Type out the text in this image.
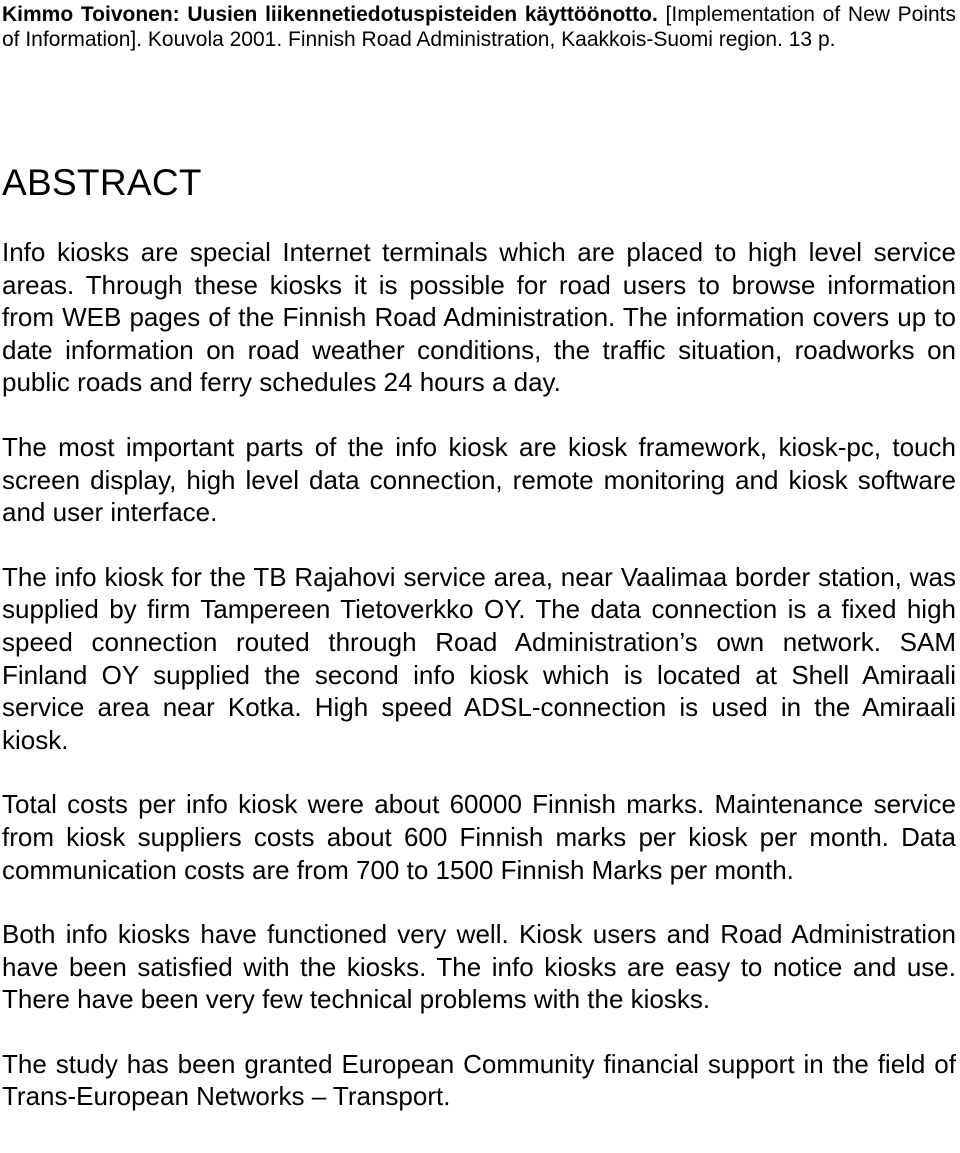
Kimmo Toivonen: Uusien liikennetiedotuspisteiden käyttöönotto. [Implementation of New Points of Information]. Kouvola 2001. Finnish Road Administration, Kaakkois-Suomi region. 13 p.

ABSTRACT

Info kiosks are special Internet terminals which are placed to high level service areas. Through these kiosks it is possible for road users to browse information from WEB pages of the Finnish Road Administration. The information covers up to date information on road weather conditions, the traffic situation, roadworks on public roads and ferry schedules 24 hours a day.

The most important parts of the info kiosk are kiosk framework, kiosk-pc, touch screen display, high level data connection, remote monitoring and kiosk software and user interface.

The info kiosk for the TB Rajahovi service area, near Vaalimaa border station, was supplied by firm Tampereen Tietoverkko OY. The data connection is a fixed high speed connection routed through Road Administration’s own network. SAM Finland OY supplied the second info kiosk which is located at Shell Amiraali service area near Kotka. High speed ADSL-connection is used in the Amiraali kiosk.

Total costs per info kiosk were about 60000 Finnish marks. Maintenance service from kiosk suppliers costs about 600 Finnish marks per kiosk per month. Data communication costs are from 700 to 1500 Finnish Marks per month.

Both info kiosks have functioned very well. Kiosk users and Road Administration have been satisfied with the kiosks. The info kiosks are easy to notice and use. There have been very few technical problems with the kiosks.

The study has been granted European Community financial support in the field of Trans-European Networks – Transport.
